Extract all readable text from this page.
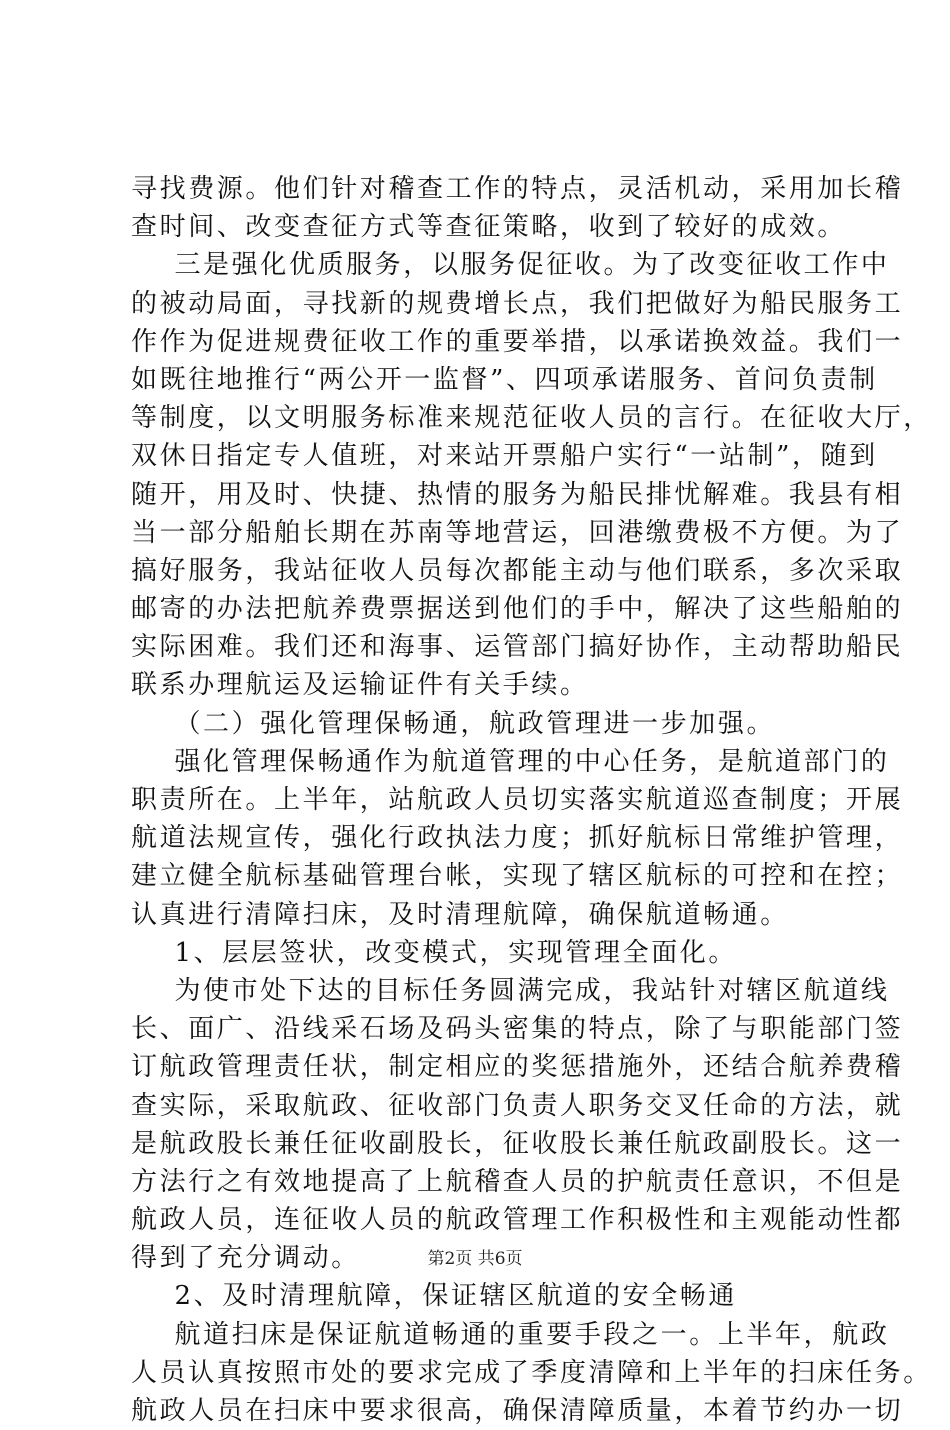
寻找费源。他们针对稽查工作的特点，灵活机动，采用加长稽
查时间、改变查征方式等查征策略，收到了较好的成效。
三是强化优质服务，以服务促征收。为了改变征收工作中
的被动局面，寻找新的规费增长点，我们把做好为船民服务工
作作为促进规费征收工作的重要举措，以承诺换效益。我们一
如既往地推行“两公开一监督”、四项承诺服务、首问负责制
等制度，以文明服务标准来规范征收人员的言行。在征收大厅，
双休日指定专人值班，对来站开票船户实行“一站制”，随到
随开，用及时、快捷、热情的服务为船民排忧解难。我县有相
当一部分船舶长期在苏南等地营运，回港缴费极不方便。为了
搞好服务，我站征收人员每次都能主动与他们联系，多次采取
邮寄的办法把航养费票据送到他们的手中，解决了这些船舶的
实际困难。我们还和海事、运管部门搞好协作，主动帮助船民
联系办理航运及运输证件有关手续。
（二）强化管理保畅通，航政管理进一步加强。
强化管理保畅通作为航道管理的中心任务，是航道部门的
职责所在。上半年，站航政人员切实落实航道巡查制度；开展
航道法规宣传，强化行政执法力度；抓好航标日常维护管理，
建立健全航标基础管理台帐，实现了辖区航标的可控和在控；
认真进行清障扫床，及时清理航障，确保航道畅通。
1、层层签状，改变模式，实现管理全面化。
为使市处下达的目标任务圆满完成，我站针对辖区航道线
长、面广、沿线采石场及码头密集的特点，除了与职能部门签
订航政管理责任状，制定相应的奖惩措施外，还结合航养费稽
查实际，采取航政、征收部门负责人职务交叉任命的方法，就
是航政股长兼任征收副股长，征收股长兼任航政副股长。这一
方法行之有效地提高了上航稽查人员的护航责任意识，不但是
航政人员，连征收人员的航政管理工作积极性和主观能动性都
得到了充分调动。
2、及时清理航障，保证辖区航道的安全畅通
航道扫床是保证航道畅通的重要手段之一。上半年，航政
人员认真按照市处的要求完成了季度清障和上半年的扫床任务。
航政人员在扫床中要求很高，确保清障质量，本着节约办一切
第2页 共6页
